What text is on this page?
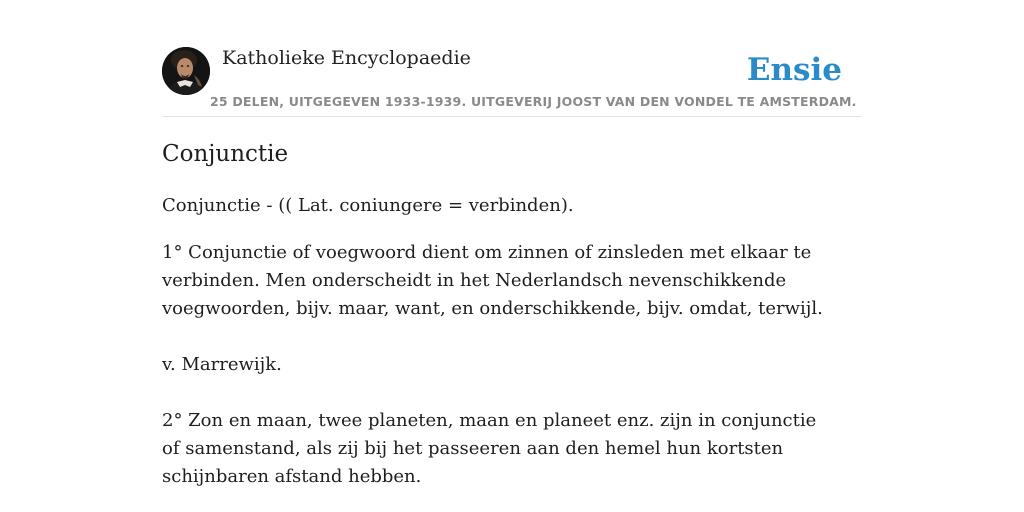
Katholieke Encyclopaedie	Ensie
25 DELEN, UITGEGEVEN 1933-1939. UITGEVERIJ JOOST VAN DEN VONDEL TE AMSTERDAM.
Conjunctie

Conjunctie - (( Lat. coniungere = verbinden).

1° Conjunctie of voegwoord dient om zinnen of zinsleden met elkaar te verbinden. Men onderscheidt in het Nederlandsch nevenschikkende voegwoorden, bijv. maar, want, en onderschikkende, bijv. omdat, terwijl.

v. Marrewijk.

2° Zon en maan, twee planeten, maan en planeet enz. zijn in conjunctie of samenstand, als zij bij het passeeren aan den hemel hun kortsten schijnbaren afstand hebben.
